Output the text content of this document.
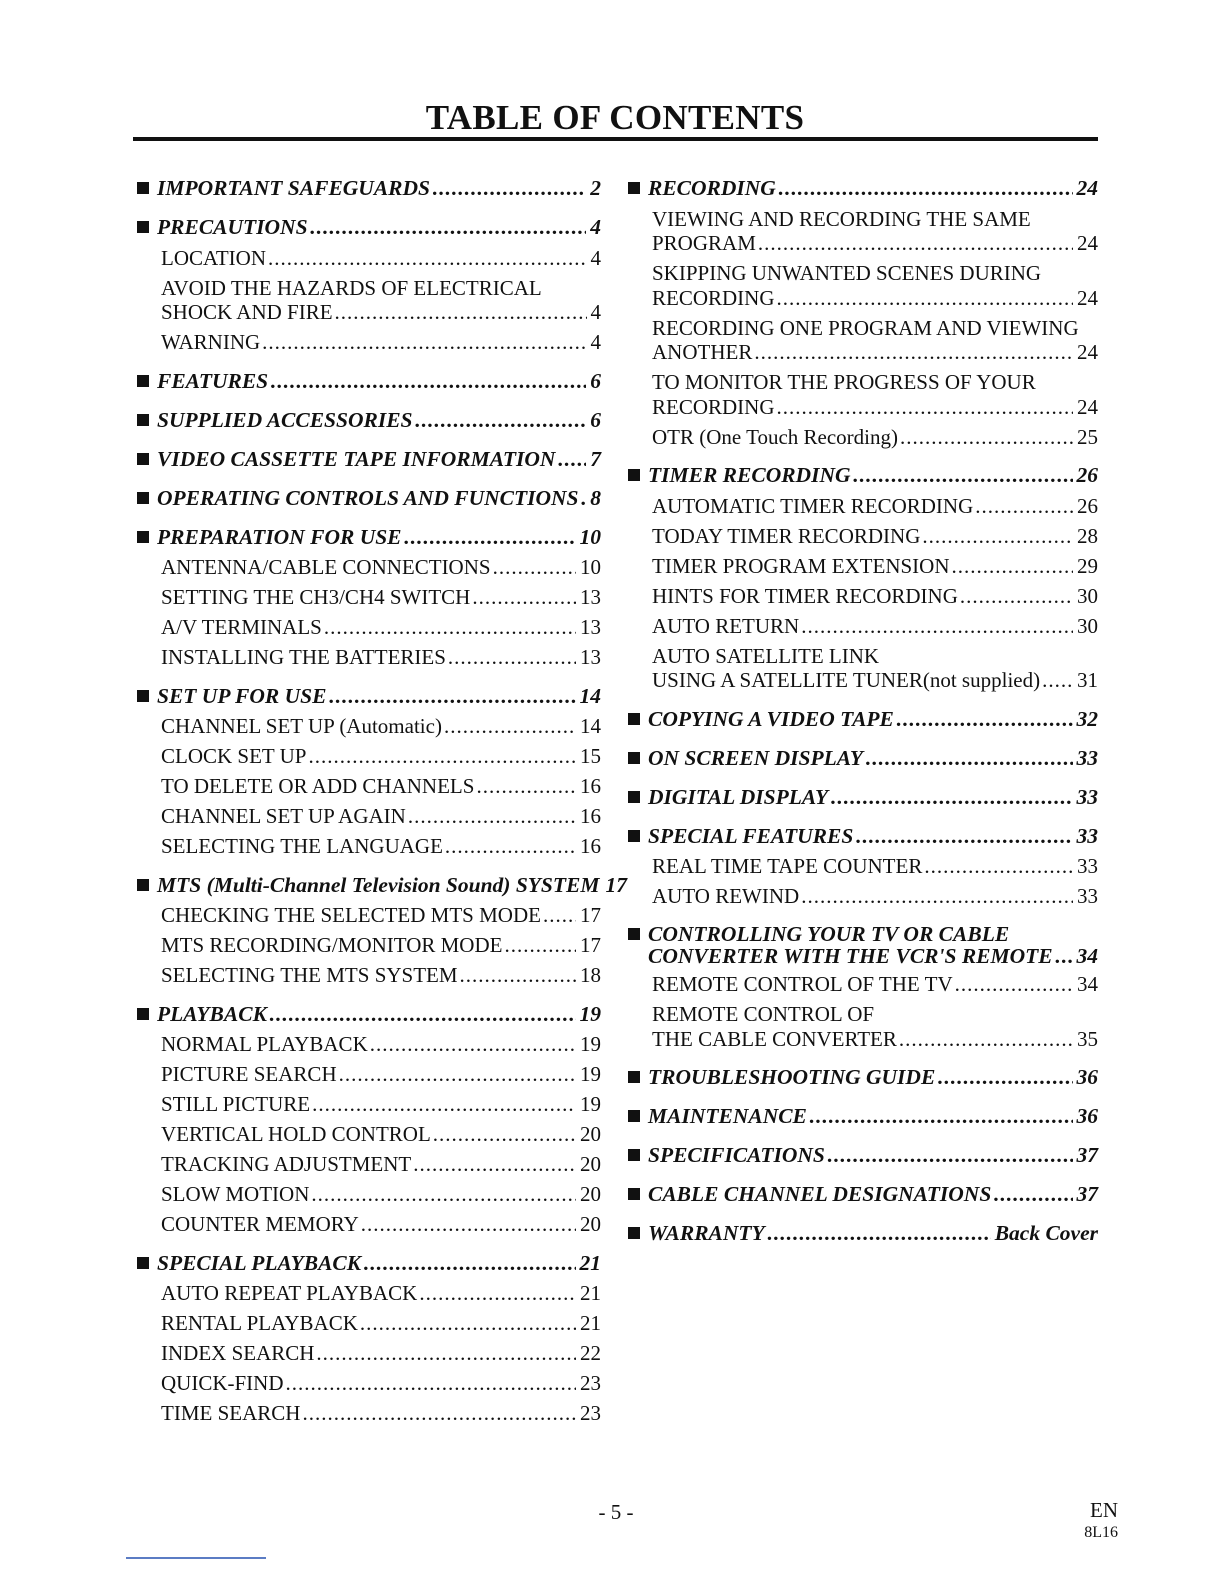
TABLE OF CONTENTS
IMPORTANT SAFEGUARDS .....	2
PRECAUTIONS .....	4
LOCATION .....	4
AVOID THE HAZARDS OF ELECTRICAL
SHOCK AND FIRE .....	4
WARNING .....	4
FEATURES .....	6
SUPPLIED ACCESSORIES .....	6
VIDEO CASSETTE TAPE INFORMATION ..... 7
OPERATING CONTROLS AND FUNCTIONS ..... 8
PREPARATION FOR USE .....	10
ANTENNA/CABLE CONNECTIONS .....	10
SETTING THE CH3/CH4 SWITCH .....	13
A/V TERMINALS .....	13
INSTALLING THE BATTERIES .....	13
SET UP FOR USE .....	14
CHANNEL SET UP (Automatic) .....	14
CLOCK SET UP .....	15
TO DELETE OR ADD CHANNELS .....	16
CHANNEL SET UP AGAIN .....	16
SELECTING THE LANGUAGE .....	16
MTS (Multi-Channel Television Sound) SYSTEM 17
CHECKING THE SELECTED MTS MODE ..... 17
MTS RECORDING/MONITOR MODE .....	17
SELECTING THE MTS SYSTEM .....	18
PLAYBACK .....	19
NORMAL PLAYBACK .....	19
PICTURE SEARCH .....	19
STILL PICTURE .....	19
VERTICAL HOLD CONTROL .....	20
TRACKING ADJUSTMENT .....	20
SLOW MOTION .....	20
COUNTER MEMORY .....	20
SPECIAL PLAYBACK .....	21
AUTO REPEAT PLAYBACK .....	21
RENTAL PLAYBACK .....	21
INDEX SEARCH .....	22
QUICK-FIND .....	23
TIME SEARCH .....	23
RECORDING .....	24
VIEWING AND RECORDING THE SAME
PROGRAM .....	24
SKIPPING UNWANTED SCENES DURING
RECORDING .....	24
RECORDING ONE PROGRAM AND VIEWING
ANOTHER .....	24
TO MONITOR THE PROGRESS OF YOUR
RECORDING .....	24
OTR (One Touch Recording) .....	25
TIMER RECORDING .....	26
AUTOMATIC TIMER RECORDING .....	26
TODAY TIMER RECORDING .....	28
TIMER PROGRAM EXTENSION .....	29
HINTS FOR TIMER RECORDING .....	30
AUTO RETURN .....	30
AUTO SATELLITE LINK
USING A SATELLITE TUNER(not supplied) ..... 31
COPYING A VIDEO TAPE .....	32
ON SCREEN DISPLAY .....	33
DIGITAL DISPLAY .....	33
SPECIAL FEATURES .....	33
REAL TIME TAPE COUNTER .....	33
AUTO REWIND .....	33
CONTROLLING YOUR TV OR CABLE
CONVERTER WITH THE VCR'S REMOTE ..... 34
REMOTE CONTROL OF THE TV .....	34
REMOTE CONTROL OF
THE CABLE CONVERTER .....	35
TROUBLESHOOTING GUIDE .....	36
MAINTENANCE .....	36
SPECIFICATIONS .....	37
CABLE CHANNEL DESIGNATIONS .....	37
WARRANTY .....	Back Cover
- 5 -	EN
8L16
